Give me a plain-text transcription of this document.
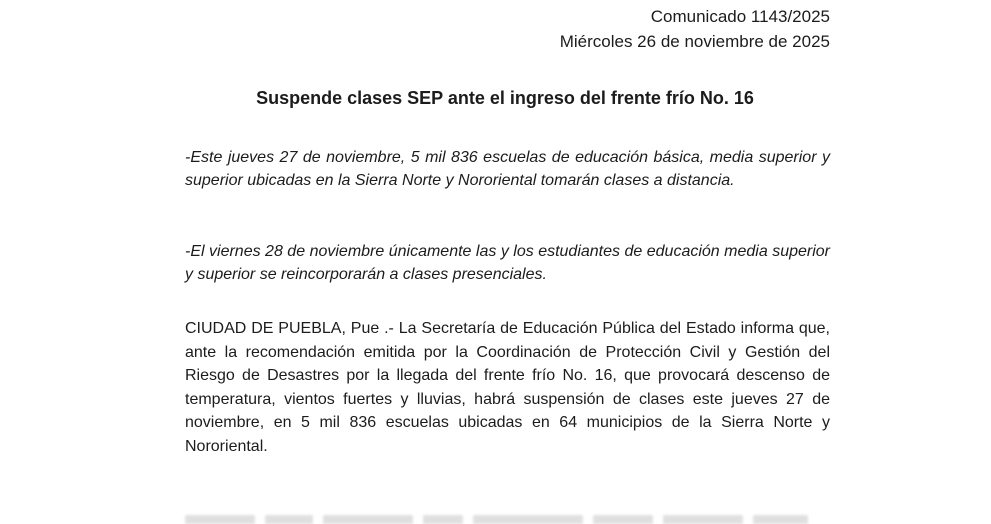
Comunicado 1143/2025
Miércoles 26 de noviembre de 2025
Suspende clases SEP ante el ingreso del frente frío No. 16
-Este jueves 27 de noviembre, 5 mil 836 escuelas de educación básica, media superior y superior ubicadas en la Sierra Norte y Nororiental tomarán clases a distancia.
-El viernes 28 de noviembre únicamente las y los estudiantes de educación media superior y superior se reincorporarán a clases presenciales.
CIUDAD DE PUEBLA, Pue .- La Secretaría de Educación Pública del Estado informa que, ante la recomendación emitida por la Coordinación de Protección Civil y Gestión del Riesgo de Desastres por la llegada del frente frío No. 16, que provocará descenso de temperatura, vientos fuertes y lluvias, habrá suspensión de clases este jueves 27 de noviembre, en 5 mil 836 escuelas ubicadas en 64 municipios de la Sierra Norte y Nororiental.
